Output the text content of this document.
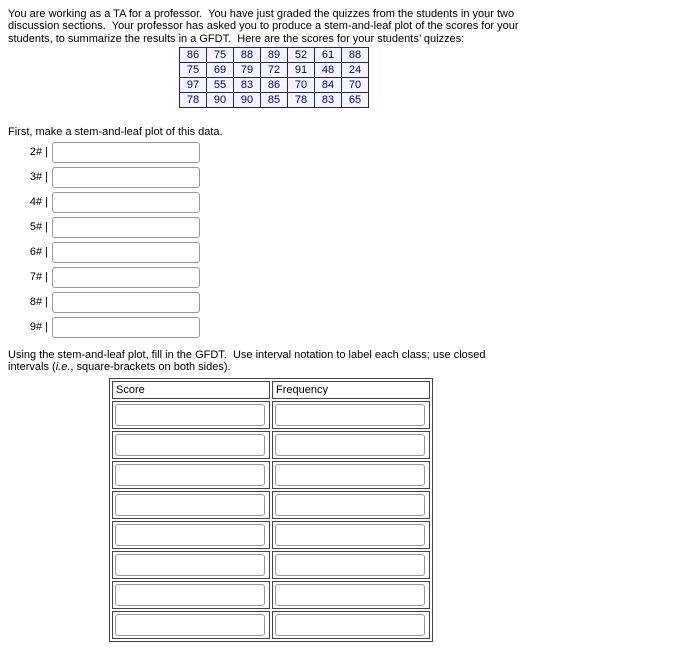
You are working as a TA for a professor.  You have just graded the quizzes from the students in your two
discussion sections.  Your professor has asked you to produce a stem-and-leaf plot of the scores for your
students, to summarize the results in a GFDT.  Here are the scores for your students’ quizzes:
86	75	88	89	52	61	88
75	69	79	72	91	48	24
97	55	83	86	70	84	70
78	90	90	85	78	83	65
First, make a stem-and-leaf plot of this data.
2# |
3# |
4# |
5# |
6# |
7# |
8# |
9# |
Using the stem-and-leaf plot, fill in the GFDT.  Use interval notation to label each class; use closed
intervals (i.e., square-brackets on both sides).
Score	Frequency
